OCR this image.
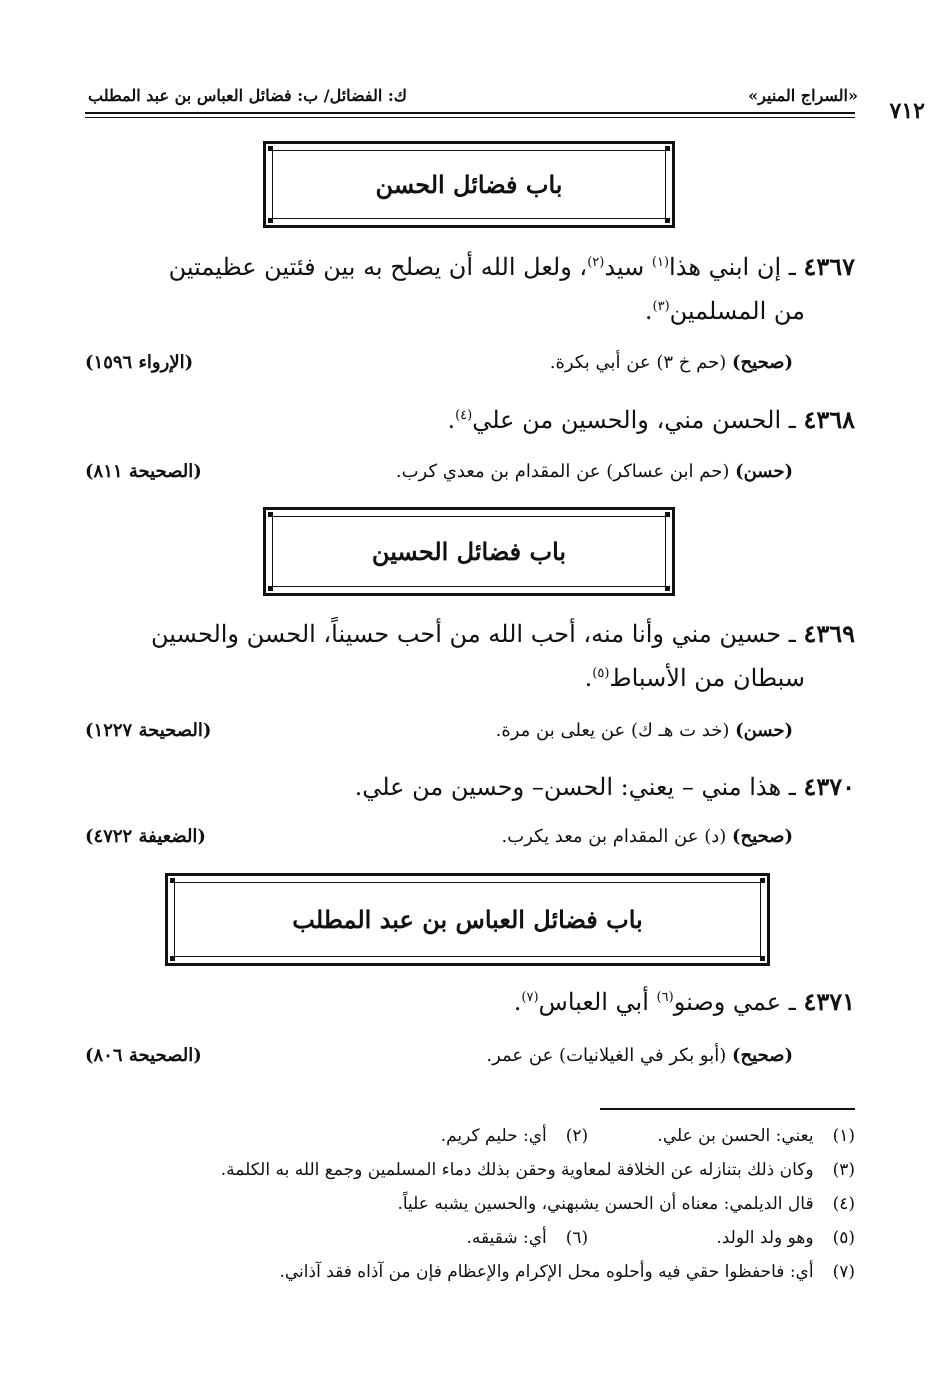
«السراج المنير»
ك: الفضائل/ ب: فضائل العباس بن عبد المطلب
٧١٢
باب فضائل الحسن
٤٣٦٧ ـ إن ابني هذا$^{(١)}$ سيد$^{(٢)}$، ولعل الله أن يصلح به بين فئتين عظيمتين
من المسلمين$^{(٣)}$.
(صحيح) (حم خ ٣) عن أبي بكرة.
(الإرواء ١٥٩٦)
٤٣٦٨ ـ الحسن مني، والحسين من علي$^{(٤)}$.
(حسن) (حم ابن عساكر) عن المقدام بن معدي كرب.
(الصحيحة ٨١١)
باب فضائل الحسين
٤٣٦٩ ـ حسين مني وأنا منه، أحب الله من أحب حسيناً، الحسن والحسين
سبطان من الأسباط$^{(٥)}$.
(حسن) (خد ت هـ ك) عن يعلى بن مرة.
(الصحيحة ١٢٢٧)
٤٣٧٠ ـ هذا مني – يعني: الحسن– وحسين من علي.
(صحيح) (د) عن المقدام بن معد يكرب.
(الضعيفة ٤٧٢٢)
باب فضائل العباس بن عبد المطلب
٤٣٧١ ـ عمي وصنو$^{(٦)}$ أبي العباس$^{(٧)}$.
(صحيح) (أبو بكر في الغيلانيات) عن عمر.
(الصحيحة ٨٠٦)
(١) يعني: الحسن بن علي. (٢) أي: حليم كريم.
(٣) وكان ذلك بتنازله عن الخلافة لمعاوية وحقن بذلك دماء المسلمين وجمع الله به الكلمة.
(٤) قال الديلمي: معناه أن الحسن يشبهني، والحسين يشبه علياً.
(٥) وهو ولد الولد. (٦) أي: شقيقه.
(٧) أي: فاحفظوا حقي فيه وأحلوه محل الإكرام والإعظام فإن من آذاه فقد آذاني.
